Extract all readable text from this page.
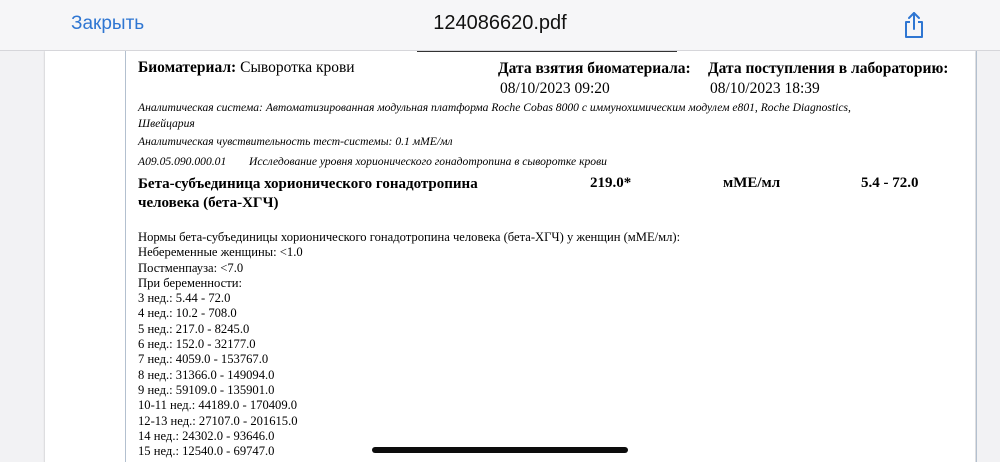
Закрыть	124086620.pdf
Биоматериал: Сыворотка крови	Дата взятия биоматериала:
08/10/2023 09:20
Дата поступления в лабораторию:
08/10/2023 18:39
Аналитическая система: Автоматизированная модульная платформа Roche Cobas 8000 с иммунохимическим модулем e801, Roche Diagnostics,
Швейцария
Аналитическая чувствительность тест-системы: 0.1 мМЕ/мл
A09.05.090.000.01 Исследование уровня хорионического гонадотропина в сыворотке крови
Бета-субъединица хорионического гонадотропина
человека (бета-ХГЧ)
219.0*	мМЕ/мл	5.4 - 72.0
Нормы бета-субъединицы хорионического гонадотропина человека (бета-ХГЧ) у женщин (мМЕ/мл):
Небеременные женщины: <1.0
Постменпауза: <7.0
При беременности:
3 нед.: 5.44 - 72.0
4 нед.: 10.2 - 708.0
5 нед.: 217.0 - 8245.0
6 нед.: 152.0 - 32177.0
7 нед.: 4059.0 - 153767.0
8 нед.: 31366.0 - 149094.0
9 нед.: 59109.0 - 135901.0
10-11 нед.: 44189.0 - 170409.0
12-13 нед.: 27107.0 - 201615.0
14 нед.: 24302.0 - 93646.0
15 нед.: 12540.0 - 69747.0
